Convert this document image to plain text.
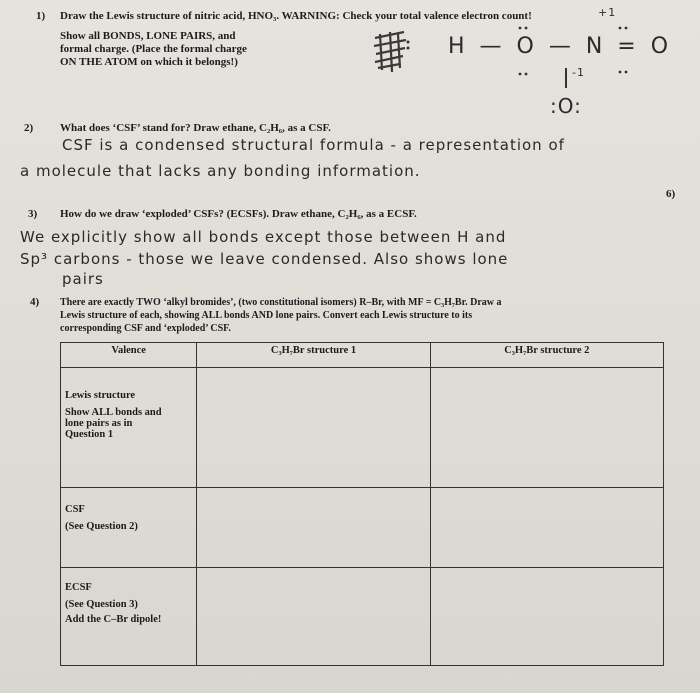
1) Draw the Lewis structure of nitric acid, HNO₃. WARNING: Check your total valence electron count!
Show all BONDS, LONE PAIRS, and
formal charge. (Place the formal charge
ON THE ATOM on which it belongs!)
+1
H — O — N = O
-1
:O:
2) What does ‘CSF’ stand for? Draw ethane, C₂H₆, as a CSF.
CSF is a condensed structural formula - a representation of
a molecule that lacks any bonding information.
6)
3) How do we draw ‘exploded’ CSFs? (ECSFs). Draw ethane, C₂H₆, as a ECSF.
We explicitly show all bonds except those between H and
Sp³ carbons - those we leave condensed. Also shows lone
pairs
4) There are exactly TWO ‘alkyl bromides’, (two constitutional isomers) R–Br, with MF = C₃H₇Br. Draw a
Lewis structure of each, showing ALL bonds AND lone pairs. Convert each Lewis structure to its
corresponding CSF and ‘exploded’ CSF.
Valence	C₃H₇Br structure 1	C₃H₇Br structure 2

Lewis structure
Show ALL bonds and
lone pairs as in
Question 1		

CSF
(See Question 2)		

ECSF
(See Question 3)
Add the C–Br dipole!		
